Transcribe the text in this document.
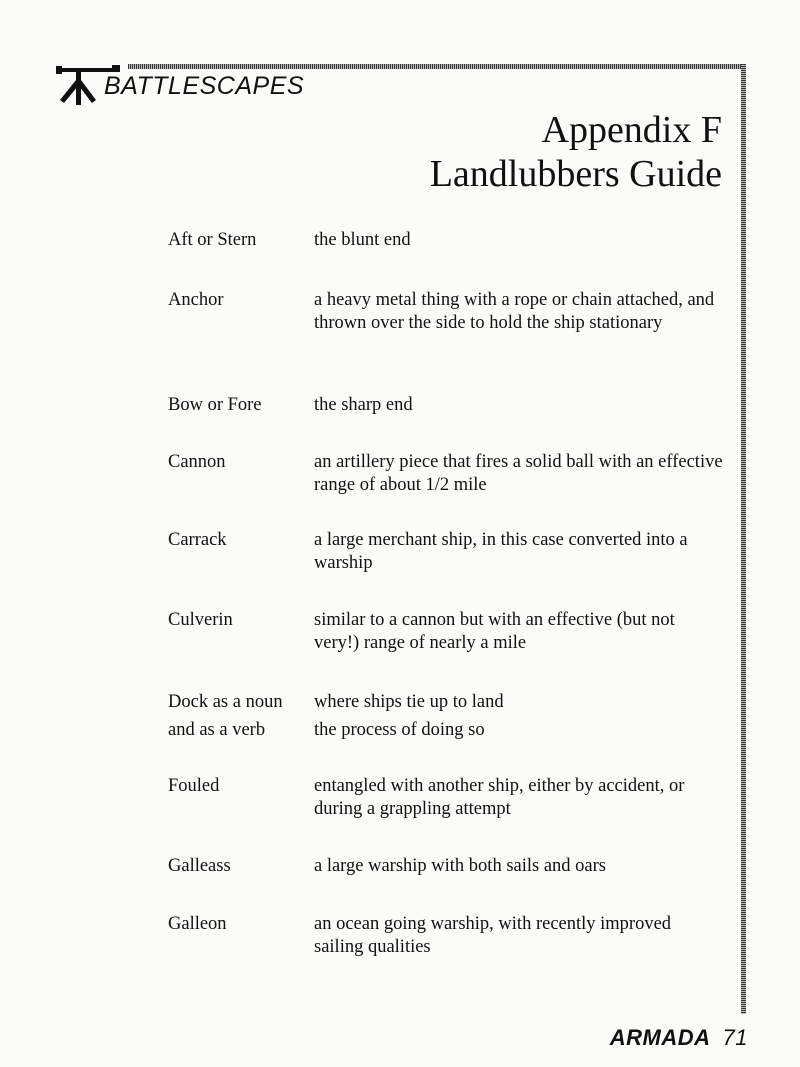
BATTLESCAPES
Appendix F
Landlubbers Guide
Aft or Stern	the blunt end
Anchor	a heavy metal thing with a rope or chain attached, and thrown over the side to hold the ship stationary
Bow or Fore	the sharp end
Cannon	an artillery piece that fires a solid ball with an effective range of about 1/2 mile
Carrack	a large merchant ship, in this case converted into a warship
Culverin	similar to a cannon but with an effective (but not very!) range of nearly a mile
Dock as a noun	where ships tie up to land
and as a verb	the process of doing so
Fouled	entangled with another ship, either by accident, or during a grappling attempt
Galleass	a large warship with both sails and oars
Galleon	an ocean going warship, with recently improved sailing qualities
ARMADA 71
